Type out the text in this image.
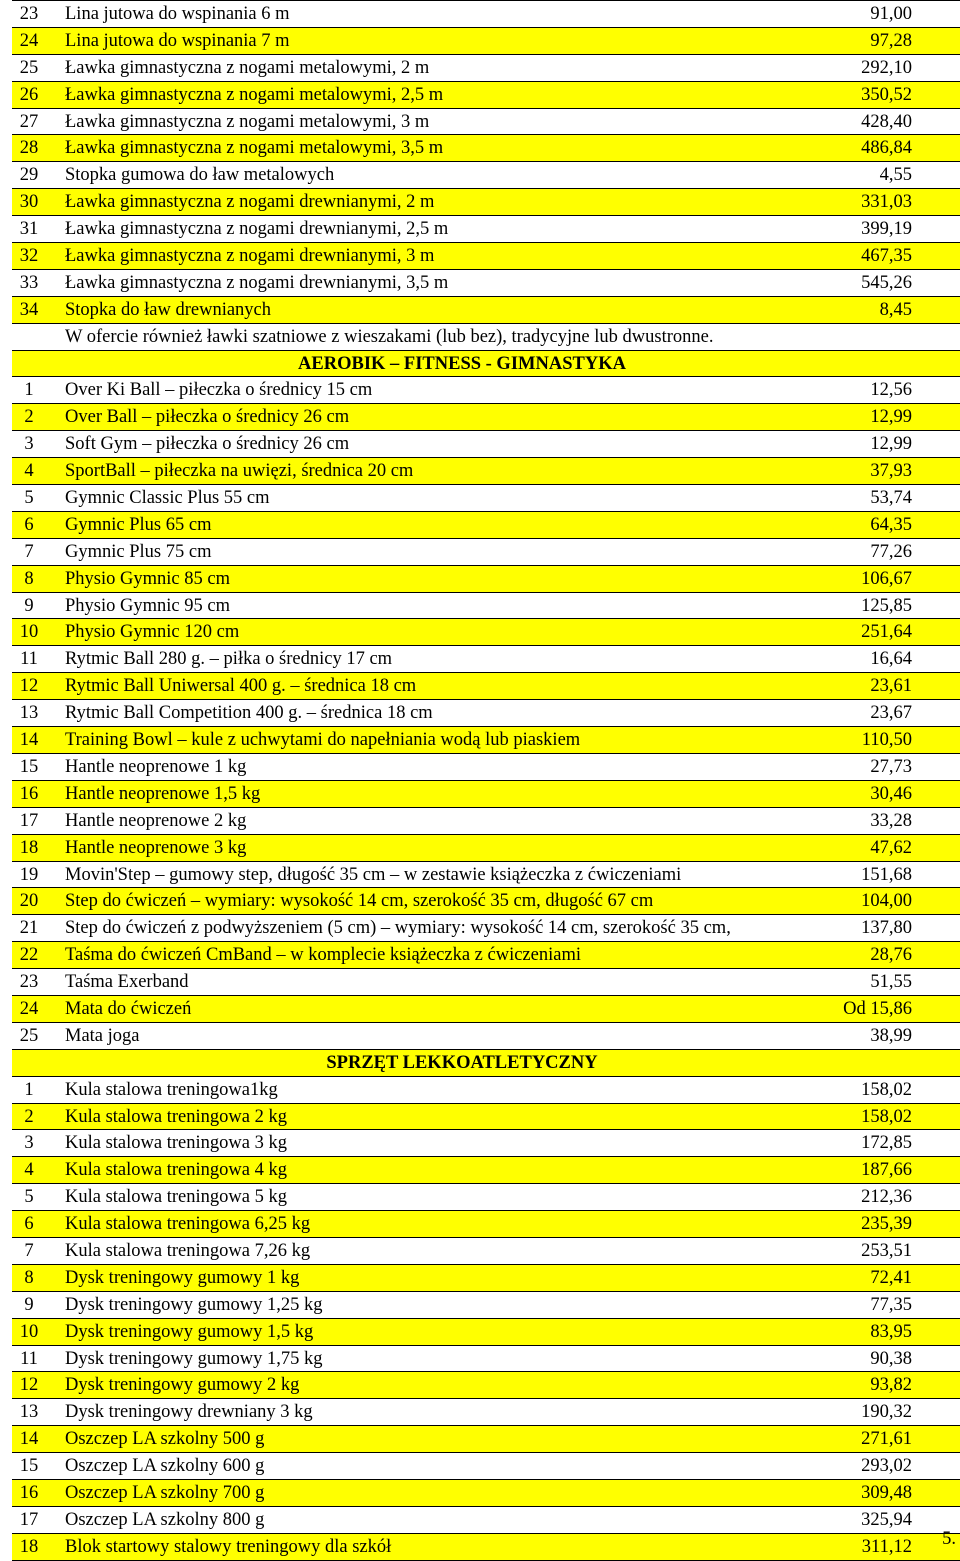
23	Lina jutowa do wspinania 6 m	91,00
24	Lina jutowa do wspinania 7 m	97,28
25	Ławka gimnastyczna z nogami metalowymi, 2 m	292,10
26	Ławka gimnastyczna z nogami metalowymi, 2,5 m	350,52
27	Ławka gimnastyczna z nogami metalowymi, 3 m	428,40
28	Ławka gimnastyczna z nogami metalowymi, 3,5 m	486,84
29	Stopka gumowa do ław metalowych	4,55
30	Ławka gimnastyczna z nogami drewnianymi, 2 m	331,03
31	Ławka gimnastyczna z nogami drewnianymi, 2,5 m	399,19
32	Ławka gimnastyczna z nogami drewnianymi, 3 m	467,35
33	Ławka gimnastyczna z nogami drewnianymi, 3,5 m	545,26
34	Stopka do ław drewnianych	8,45
W ofercie również ławki szatniowe z wieszakami (lub bez), tradycyjne lub dwustronne.
AEROBIK – FITNESS - GIMNASTYKA
1	Over Ki Ball – piłeczka o średnicy 15 cm	12,56
2	Over Ball – piłeczka o średnicy 26 cm	12,99
3	Soft Gym – piłeczka o średnicy 26 cm	12,99
4	SportBall – piłeczka na uwięzi, średnica 20 cm	37,93
5	Gymnic Classic Plus 55 cm	53,74
6	Gymnic Plus 65 cm	64,35
7	Gymnic Plus 75 cm	77,26
8	Physio Gymnic 85 cm	106,67
9	Physio Gymnic 95 cm	125,85
10	Physio Gymnic 120 cm	251,64
11	Rytmic Ball 280 g. – piłka o średnicy 17 cm	16,64
12	Rytmic Ball Uniwersal 400 g. – średnica 18 cm	23,61
13	Rytmic Ball Competition 400 g. – średnica 18 cm	23,67
14	Training Bowl – kule z uchwytami do napełniania wodą lub piaskiem	110,50
15	Hantle neoprenowe 1 kg	27,73
16	Hantle neoprenowe 1,5 kg	30,46
17	Hantle neoprenowe 2 kg	33,28
18	Hantle neoprenowe 3 kg	47,62
19	Movin'Step – gumowy step, długość 35 cm – w zestawie książeczka z ćwiczeniami	151,68
20	Step do ćwiczeń – wymiary: wysokość 14 cm, szerokość 35 cm, długość 67 cm	104,00
21	Step do ćwiczeń z podwyższeniem (5 cm) – wymiary: wysokość 14 cm, szerokość 35 cm,	137,80
22	Taśma do ćwiczeń CmBand – w komplecie książeczka z ćwiczeniami	28,76
23	Taśma Exerband	51,55
24	Mata do ćwiczeń	Od 15,86
25	Mata joga	38,99
SPRZĘT LEKKOATLETYCZNY
1	Kula stalowa treningowa1kg	158,02
2	Kula stalowa treningowa 2 kg	158,02
3	Kula stalowa treningowa 3 kg	172,85
4	Kula stalowa treningowa 4 kg	187,66
5	Kula stalowa treningowa 5 kg	212,36
6	Kula stalowa treningowa 6,25 kg	235,39
7	Kula stalowa treningowa 7,26 kg	253,51
8	Dysk treningowy gumowy 1 kg	72,41
9	Dysk treningowy gumowy 1,25 kg	77,35
10	Dysk treningowy gumowy 1,5 kg	83,95
11	Dysk treningowy gumowy 1,75 kg	90,38
12	Dysk treningowy gumowy 2 kg	93,82
13	Dysk treningowy drewniany 3 kg	190,32
14	Oszczep LA szkolny 500 g	271,61
15	Oszczep LA szkolny 600 g	293,02
16	Oszczep LA szkolny 700 g	309,48
17	Oszczep LA szkolny 800 g	325,94
18	Blok startowy stalowy treningowy dla szkół	311,12 5.
